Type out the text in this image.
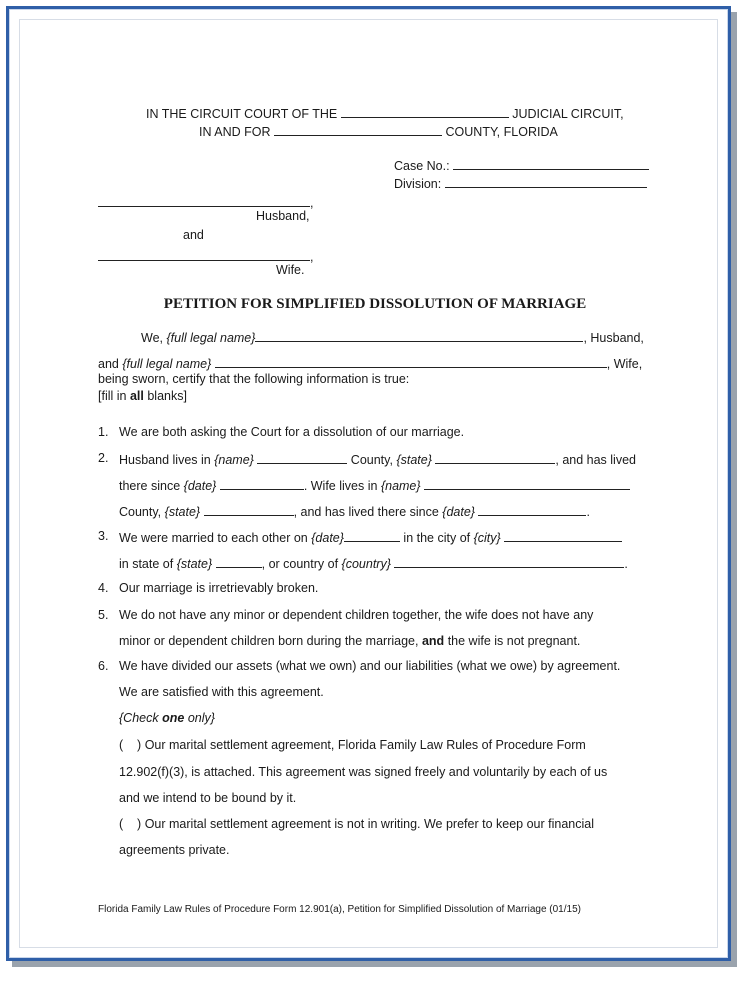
IN THE CIRCUIT COURT OF THE	JUDICIAL CIRCUIT,
IN AND FOR	COUNTY, FLORIDA
Case No.:
Division:
,
Husband,
and
,
Wife.
PETITION FOR SIMPLIFIED DISSOLUTION OF MARRIAGE
We, {full legal name}	, Husband,
and {full legal name}	, Wife,
being sworn, certify that the following information is true:
[fill in all blanks]
1. We are both asking the Court for a dissolution of our marriage.
2. Husband lives in {name}	County, {state}	, and has lived
there since {date}	. Wife lives in {name}
County, {state}	, and has lived there since {date}	.
3. We were married to each other on {date}	in the city of {city}
in state of {state}	, or country of {country}	.
4. Our marriage is irretrievably broken.
5. We do not have any minor or dependent children together, the wife does not have any
minor or dependent children born during the marriage, and the wife is not pregnant.
6. We have divided our assets (what we own) and our liabilities (what we owe) by agreement.
We are satisfied with this agreement.
{Check one only}
(    ) Our marital settlement agreement, Florida Family Law Rules of Procedure Form
12.902(f)(3), is attached. This agreement was signed freely and voluntarily by each of us
and we intend to be bound by it.
(    ) Our marital settlement agreement is not in writing. We prefer to keep our financial
agreements private.
Florida Family Law Rules of Procedure Form 12.901(a), Petition for Simplified Dissolution of Marriage (01/15)
